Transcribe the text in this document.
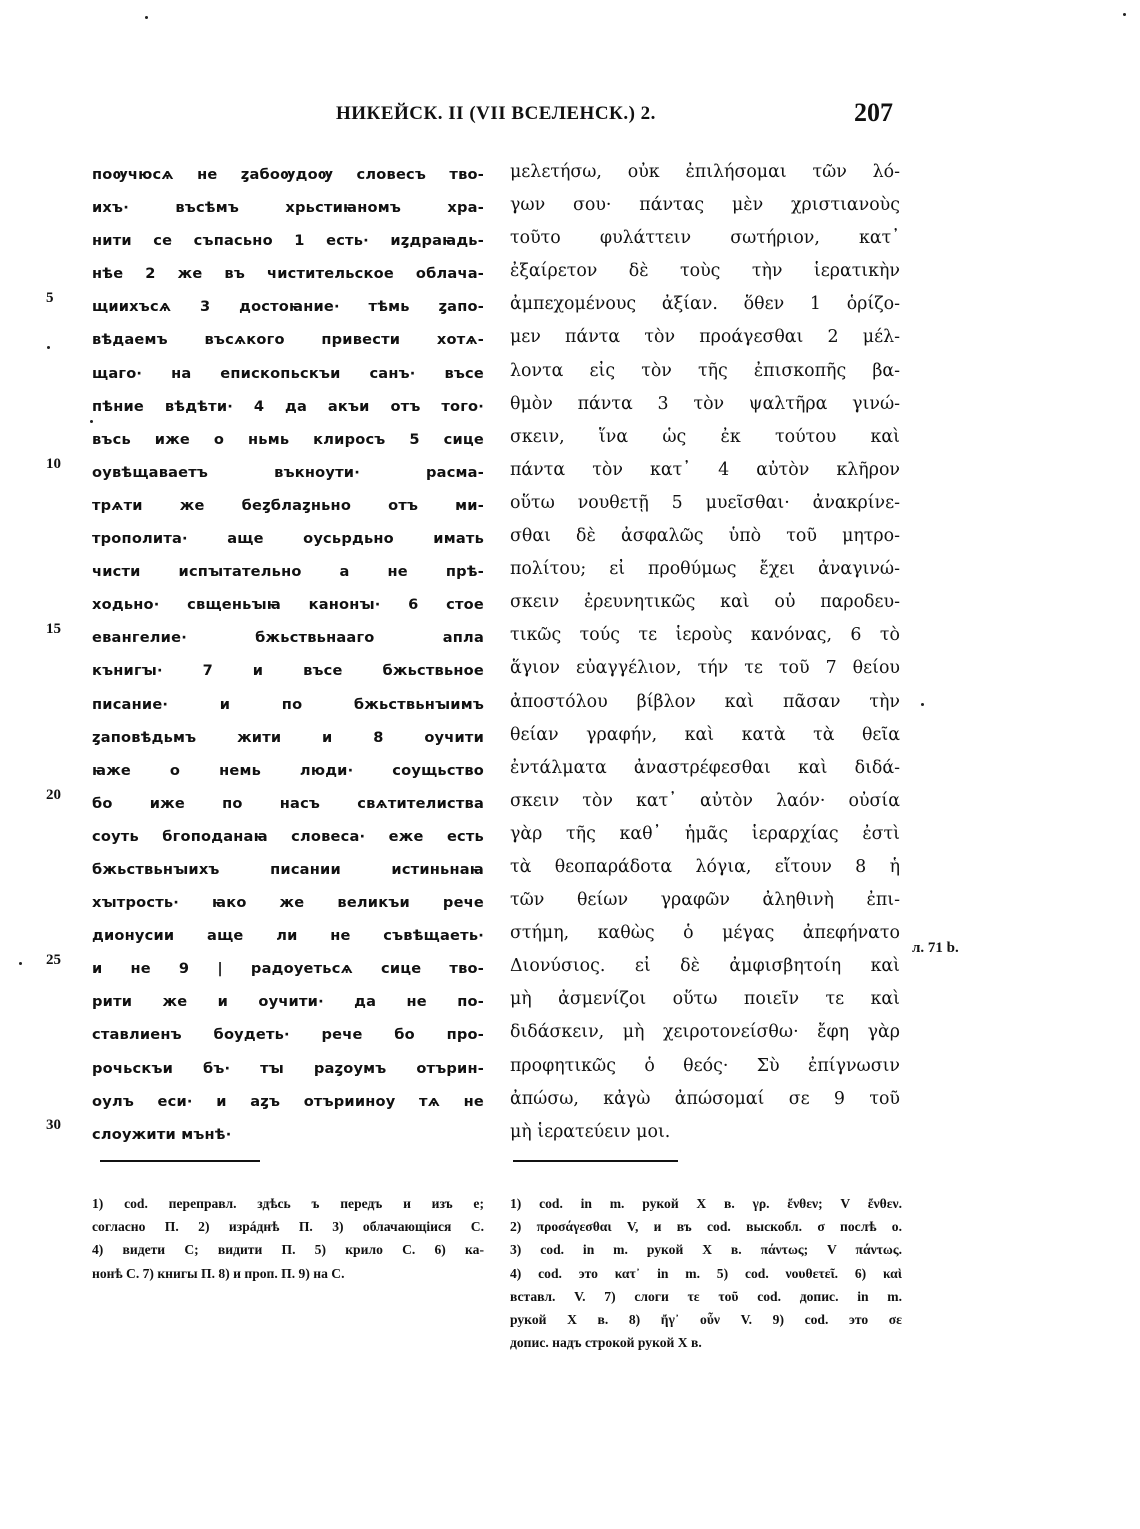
НИКЕЙСК. II (VII ВСЕЛЕНСК.) 2.	207
5
10
15
20
25
30
поѹчюсѧ не ȥабоѹдоѹ словесъ тво-
ихъ· въсѣмъ хрьстиꙗномъ хра-
нити се съпасьно 1 есть· иȥдраꙗдь-
нѣе 2 же въ чистительское облача-
щиихъсѧ 3 достоꙗние· тѣмь ȥапо-
вѣдаемъ въсѧкого привести хотѧ-
щаго· на епископьскъи санъ· въсе
пѣние вѣдѣти· 4 да акъи отъ того·
въсь иже о ньмь клиросъ 5 сице
оувѣщаваетъ въкноути· расма-
трѧти же беȥблаȥньно отъ ми-
трополита· аще оусьрдьно имать
чисти испꙑтательно а не прѣ-
ходьно· свщеньꙑꙗ канонꙑ· 6 стое
евангелие· бжьствьнааго апла
кънигꙑ· 7 и въсе бжьствьное
писание· и по бжьствьнꙑимъ
ȥаповѣдьмъ жити и 8 оучити
ꙗже о немь люди· соущьство
бо иже по насъ свѧтителиства
соуть бгоподанаꙗ словеса· еже есть
бжьствьнꙑихъ писании истиньнаꙗ
хꙑтрость· ꙗко же великъи рече
дионусии аще ли не съвѣщаеть·
и не 9 | радоуетьсѧ сице тво-
рити же и оучити· да не по-
ставлиенъ боудеть· рече бо про-
рочьскъи бъ· тꙑ раȥоумъ отърин-
оулъ еси· и аȥъ отърииноу тѧ не
слоужити мънѣ·
μελετήσω, οὐκ ἐπιλήσομαι τῶν λό-
γων σου· πάντας μὲν χριστιανοὺς
τοῦτο φυλάττειν σωτήριον, κατ᾽
ἐξαίρετον δὲ τοὺς τὴν ἱερατικὴν
ἀμπεχομένους ἀξίαν. ὅθεν 1 ὁρίζο-
μεν πάντα τὸν προάγεσθαι 2 μέλ-
λοντα εἰς τὸν τῆς ἐπισκοπῆς βα-
θμὸν πάντα 3 τὸν ψαλτῆρα γινώ-
σκειν, ἵνα ὡς ἐκ τούτου καὶ
πάντα τὸν κατ᾽ 4 αὐτὸν κλῆρον
οὕτω νουθετῇ 5 μυεῖσθαι· ἀνακρίνε-
σθαι δὲ ἀσφαλῶς ὑπὸ τοῦ μητρο-
πολίτου; εἰ προθύμως ἔχει ἀναγινώ-
σκειν ἐρευνητικῶς καὶ οὐ παροδευ-
τικῶς τούς τε ἱεροὺς κανόνας, 6 τὸ
ἅγιον εὐαγγέλιον, τήν τε τοῦ 7 θείου
ἀποστόλου βίβλον καὶ πᾶσαν τὴν
θείαν γραφήν, καὶ κατὰ τὰ θεῖα
ἐντάλματα ἀναστρέφεσθαι καὶ διδά-
σκειν τὸν κατ᾽ αὐτὸν λαόν· οὐσία
γὰρ τῆς καθ᾽ ἡμᾶς ἱεραρχίας ἐστὶ
τὰ θεοπαράδοτα λόγια, εἴτουν 8 ἡ
τῶν θείων γραφῶν ἀληθινὴ ἐπι-
στήμη, καθὼς ὁ μέγας ἀπεφήνατο
Διονύσιος. εἰ δὲ ἀμφισβητοίη καὶ
μὴ ἀσμενίζοι οὕτω ποιεῖν τε καὶ
διδάσκειν, μὴ χειροτονείσθω· ἔφη γὰρ
προφητικῶς ὁ θεός· Σὺ ἐπίγνωσιν
ἀπώσω, κἀγὼ ἀπώσομαί σε 9 τοῦ
μὴ ἱερατεύειν μοι.
л. 71 b.
1) cod. переправл. здѣсь ъ передъ и изъ е;
согласно П. 2) изрáднѣ П. 3) облачающіися С.
4) видети С; видити П. 5) крило С. 6) ка-
нонѣ С. 7) книгы П. 8) и проп. П. 9) на С.
1) cod. in m. рукой X в. γρ. ἔνθεν; V ἔνθεν.
2) προσάγεσθαι V, и въ cod. выскобл. σ послѣ ο.
3) cod. in m. рукой X в. πάντως; V πάντως.
4) cod. это κατ᾽ in m. 5) cod. νουθετεῖ. 6) καὶ
вставл. V. 7) слоги τε τοῦ cod. допис. in m.
рукой X в. 8) ἤγ᾽ οὖν V. 9) cod. это σε
допис. надъ строкой рукой X в.
